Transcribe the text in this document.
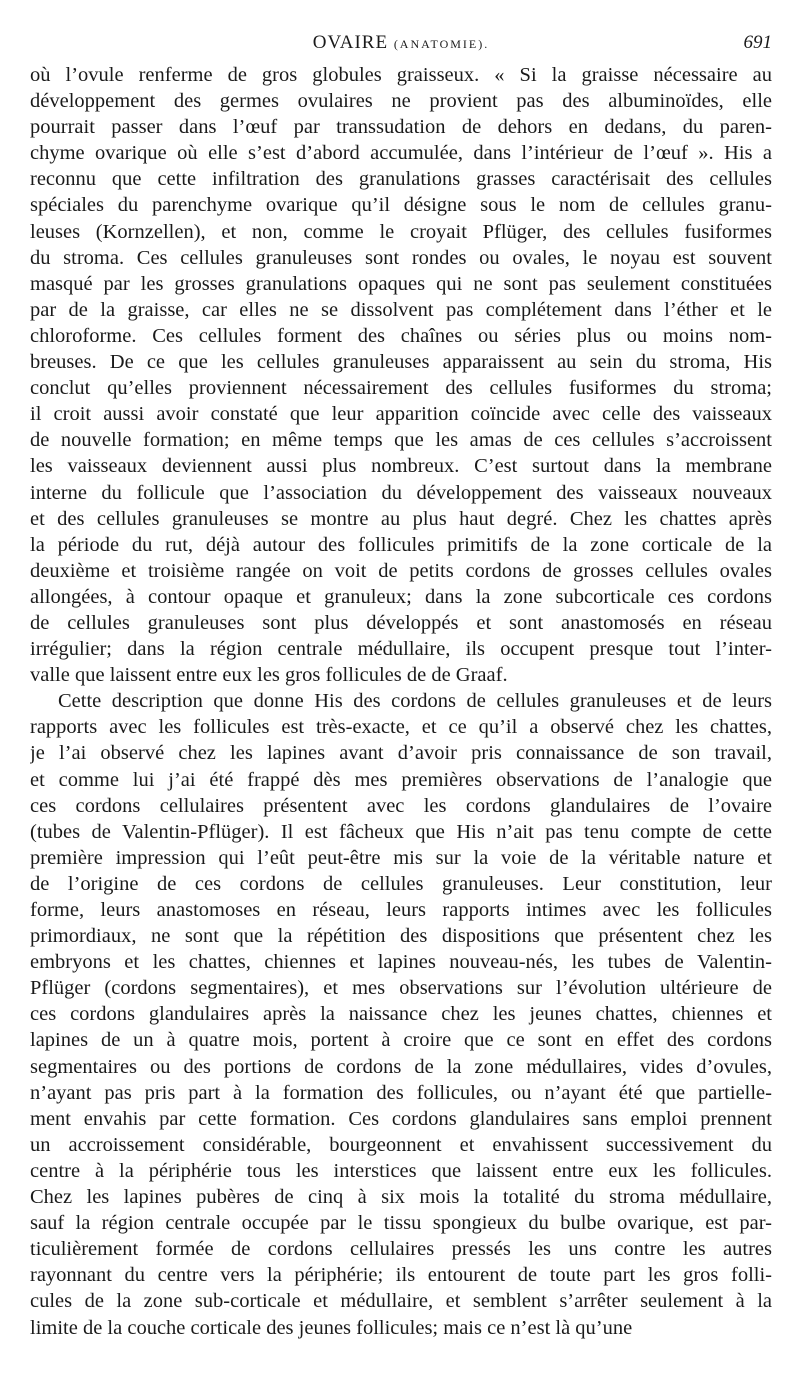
OVAIRE (ANATOMIE).	691
où l’ovule renferme de gros globules graisseux. « Si la graisse nécessaire au
développement des germes ovulaires ne provient pas des albuminoïdes, elle
pourrait passer dans l’œuf par transsudation de dehors en dedans, du paren-
chyme ovarique où elle s’est d’abord accumulée, dans l’intérieur de l’œuf ». His a
reconnu que cette infiltration des granulations grasses caractérisait des cellules
spéciales du parenchyme ovarique qu’il désigne sous le nom de cellules granu-
leuses (Kornzellen), et non, comme le croyait Pflüger, des cellules fusiformes
du stroma. Ces cellules granuleuses sont rondes ou ovales, le noyau est souvent
masqué par les grosses granulations opaques qui ne sont pas seulement constituées
par de la graisse, car elles ne se dissolvent pas complétement dans l’éther et le
chloroforme. Ces cellules forment des chaînes ou séries plus ou moins nom-
breuses. De ce que les cellules granuleuses apparaissent au sein du stroma, His
conclut qu’elles proviennent nécessairement des cellules fusiformes du stroma;
il croit aussi avoir constaté que leur apparition coïncide avec celle des vaisseaux
de nouvelle formation; en même temps que les amas de ces cellules s’accroissent
les vaisseaux deviennent aussi plus nombreux. C’est surtout dans la membrane
interne du follicule que l’association du développement des vaisseaux nouveaux
et des cellules granuleuses se montre au plus haut degré. Chez les chattes après
la période du rut, déjà autour des follicules primitifs de la zone corticale de la
deuxième et troisième rangée on voit de petits cordons de grosses cellules ovales
allongées, à contour opaque et granuleux; dans la zone subcorticale ces cordons
de cellules granuleuses sont plus développés et sont anastomosés en réseau
irrégulier; dans la région centrale médullaire, ils occupent presque tout l’inter-
valle que laissent entre eux les gros follicules de de Graaf.
Cette description que donne His des cordons de cellules granuleuses et de leurs
rapports avec les follicules est très-exacte, et ce qu’il a observé chez les chattes,
je l’ai observé chez les lapines avant d’avoir pris connaissance de son travail,
et comme lui j’ai été frappé dès mes premières observations de l’analogie que
ces cordons cellulaires présentent avec les cordons glandulaires de l’ovaire
(tubes de Valentin-Pflüger). Il est fâcheux que His n’ait pas tenu compte de cette
première impression qui l’eût peut-être mis sur la voie de la véritable nature et
de l’origine de ces cordons de cellules granuleuses. Leur constitution, leur
forme, leurs anastomoses en réseau, leurs rapports intimes avec les follicules
primordiaux, ne sont que la répétition des dispositions que présentent chez les
embryons et les chattes, chiennes et lapines nouveau-nés, les tubes de Valentin-
Pflüger (cordons segmentaires), et mes observations sur l’évolution ultérieure de
ces cordons glandulaires après la naissance chez les jeunes chattes, chiennes et
lapines de un à quatre mois, portent à croire que ce sont en effet des cordons
segmentaires ou des portions de cordons de la zone médullaires, vides d’ovules,
n’ayant pas pris part à la formation des follicules, ou n’ayant été que partielle-
ment envahis par cette formation. Ces cordons glandulaires sans emploi prennent
un accroissement considérable, bourgeonnent et envahissent successivement du
centre à la périphérie tous les interstices que laissent entre eux les follicules.
Chez les lapines pubères de cinq à six mois la totalité du stroma médullaire,
sauf la région centrale occupée par le tissu spongieux du bulbe ovarique, est par-
ticulièrement formée de cordons cellulaires pressés les uns contre les autres
rayonnant du centre vers la périphérie; ils entourent de toute part les gros folli-
cules de la zone sub-corticale et médullaire, et semblent s’arrêter seulement à la
limite de la couche corticale des jeunes follicules; mais ce n’est là qu’une
